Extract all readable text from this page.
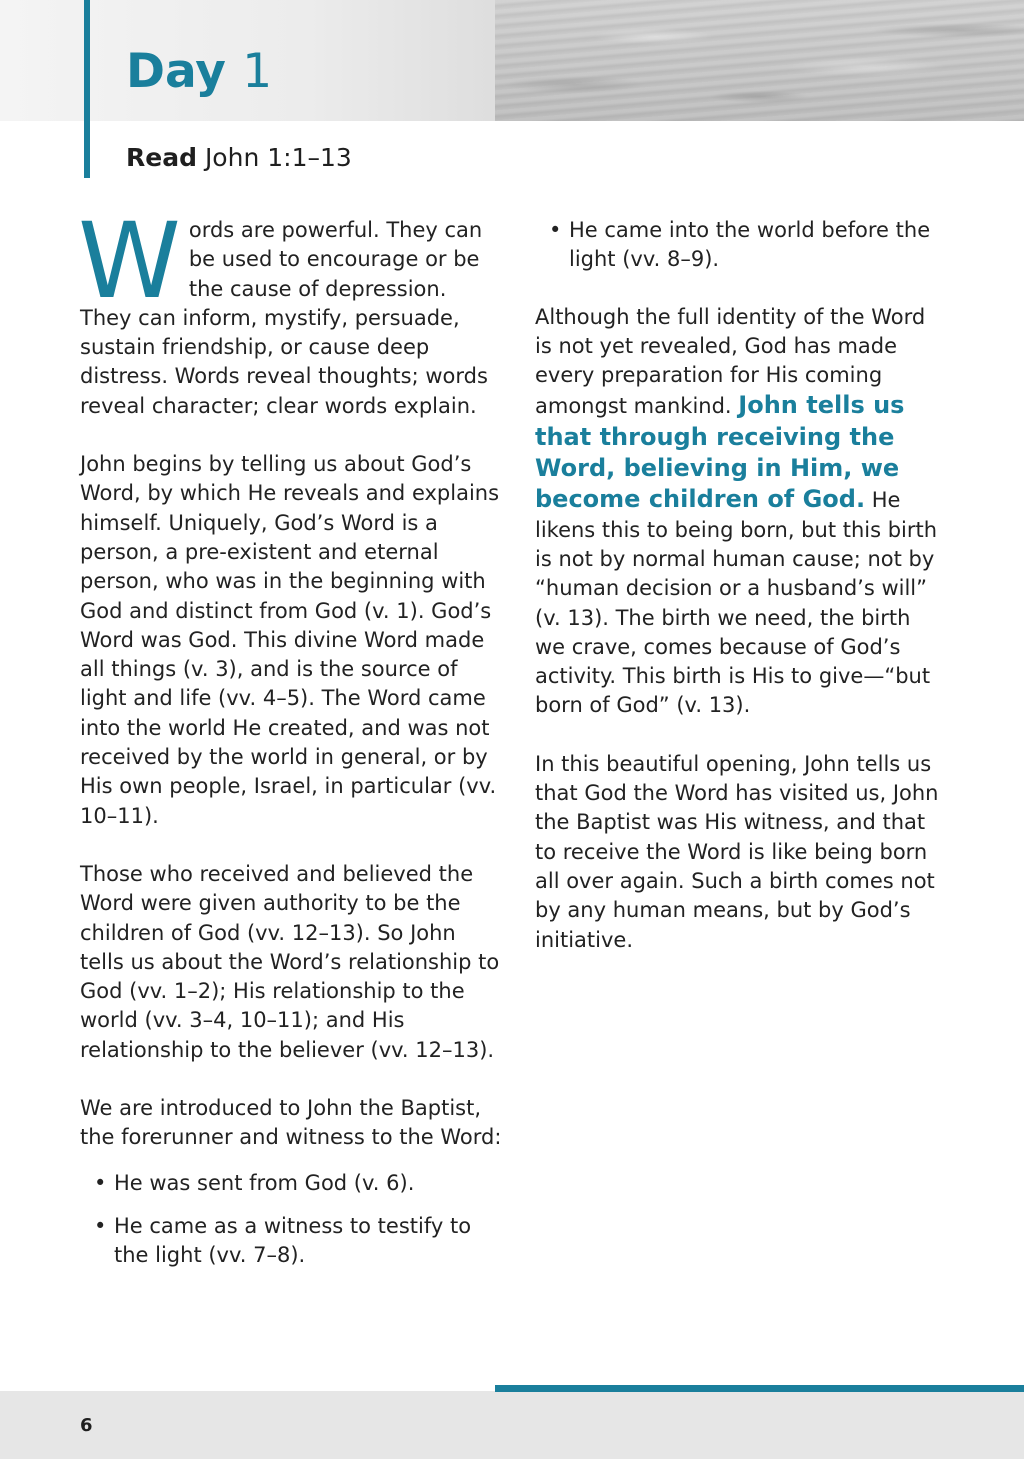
Day 1
Read John 1:1–13

Words are powerful. They can be used to encourage or be the cause of depression. They can inform, mystify, persuade, sustain friendship, or cause deep distress. Words reveal thoughts; words reveal character; clear words explain.

John begins by telling us about God’s Word, by which He reveals and explains himself. Uniquely, God’s Word is a person, a pre-existent and eternal person, who was in the beginning with God and distinct from God (v. 1). God’s Word was God. This divine Word made all things (v. 3), and is the source of light and life (vv. 4–5). The Word came into the world He created, and was not received by the world in general, or by His own people, Israel, in particular (vv. 10–11).

Those who received and believed the Word were given authority to be the children of God (vv. 12–13). So John tells us about the Word’s relationship to God (vv. 1–2); His relationship to the world (vv. 3–4, 10–11); and His relationship to the believer (vv. 12–13).

We are introduced to John the Baptist, the forerunner and witness to the Word:

• He was sent from God (v. 6).
• He came as a witness to testify to the light (vv. 7–8).
• He came into the world before the light (vv. 8–9).

Although the full identity of the Word is not yet revealed, God has made every preparation for His coming amongst mankind. John tells us that through receiving the Word, believing in Him, we become children of God. He likens this to being born, but this birth is not by normal human cause; not by “human decision or a husband’s will” (v. 13). The birth we need, the birth we crave, comes because of God’s activity. This birth is His to give—“but born of God” (v. 13).

In this beautiful opening, John tells us that God the Word has visited us, John the Baptist was His witness, and that to receive the Word is like being born all over again. Such a birth comes not by any human means, but by God’s initiative.

6
